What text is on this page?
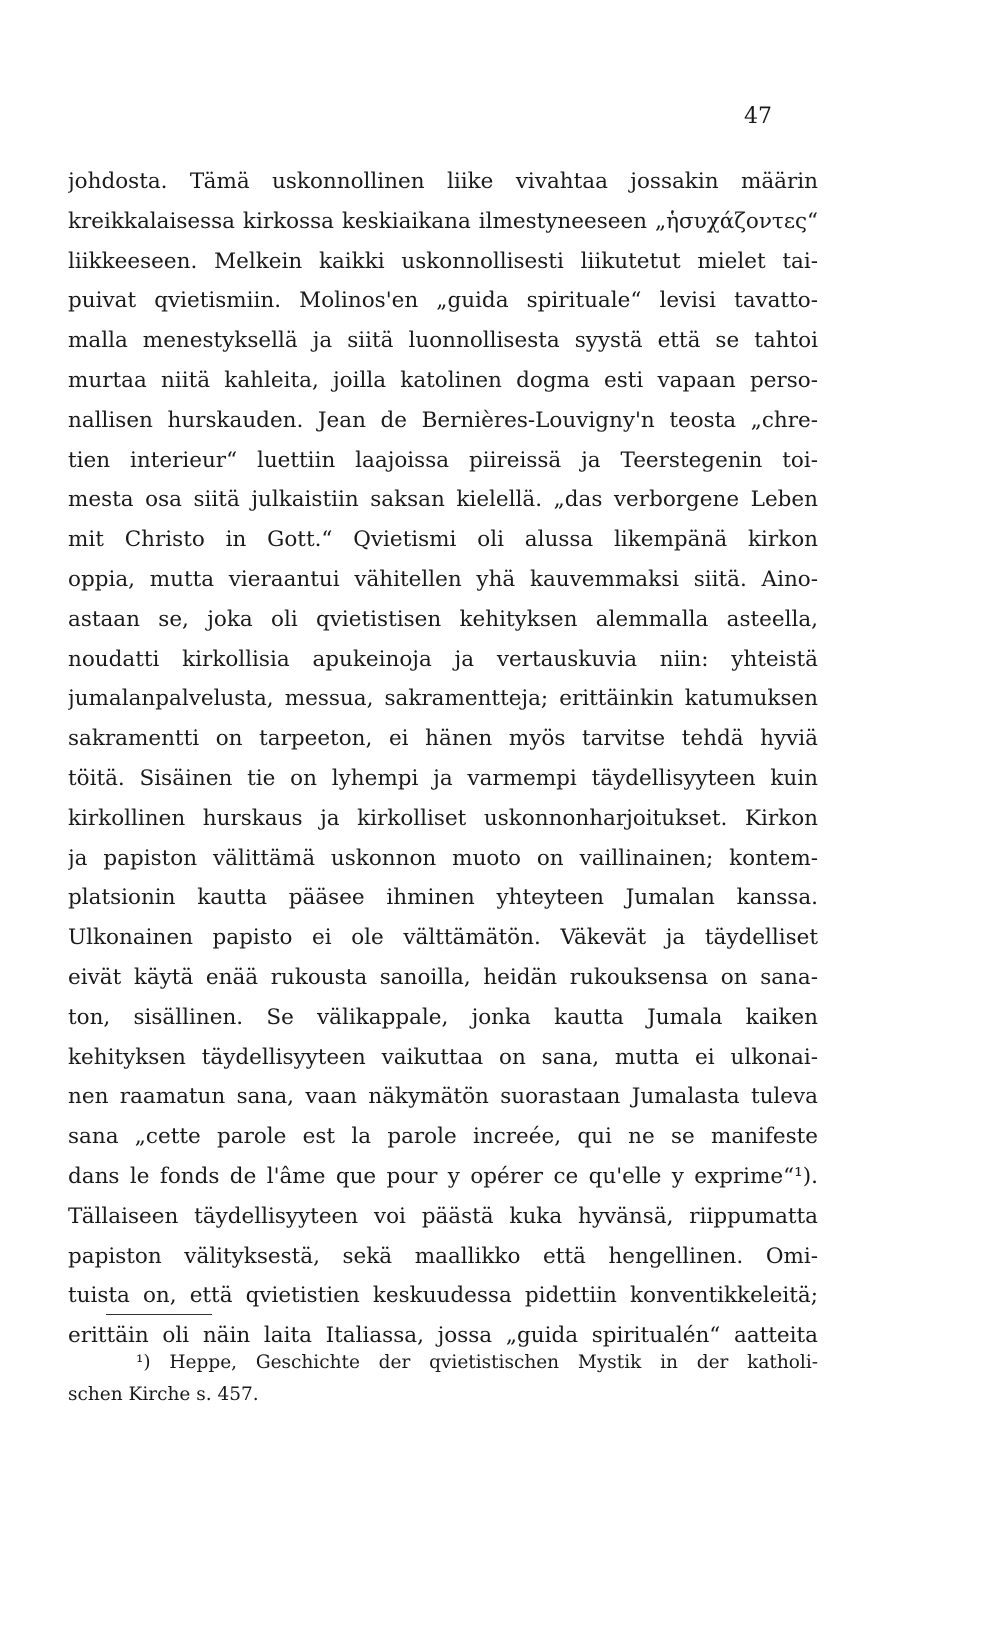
47

johdosta. Tämä uskonnollinen liike vivahtaa jossakin määrin
kreikkalaisessa kirkossa keskiaikana ilmestyneeseen „ἡσυχάζοντες“
liikkeeseen. Melkein kaikki uskonnollisesti liikutetut mielet tai-
puivat qvietismiin. Molinos'en „guida spirituale“ levisi tavatto-
malla menestyksellä ja siitä luonnollisesta syystä että se tahtoi
murtaa niitä kahleita, joilla katolinen dogma esti vapaan perso-
nallisen hurskauden. Jean de Bernières-Louvigny'n teosta „chre-
tien interieur“ luettiin laajoissa piireissä ja Teerstegenin toi-
mesta osa siitä julkaistiin saksan kielellä. „das verborgene Leben
mit Christo in Gott.“ Qvietismi oli alussa likempänä kirkon
oppia, mutta vieraantui vähitellen yhä kauvemmaksi siitä. Aino-
astaan se, joka oli qvietistisen kehityksen alemmalla asteella,
noudatti kirkollisia apukeinoja ja vertauskuvia niin: yhteistä
jumalanpalvelusta, messua, sakramentteja; erittäinkin katumuksen
sakramentti on tarpeeton, ei hänen myös tarvitse tehdä hyviä
töitä. Sisäinen tie on lyhempi ja varmempi täydellisyyteen kuin
kirkollinen hurskaus ja kirkolliset uskonnonharjoitukset. Kirkon
ja papiston välittämä uskonnon muoto on vaillinainen; kontem-
platsionin kautta pääsee ihminen yhteyteen Jumalan kanssa.
Ulkonainen papisto ei ole välttämätön. Väkevät ja täydelliset
eivät käytä enää rukousta sanoilla, heidän rukouksensa on sana-
ton, sisällinen. Se välikappale, jonka kautta Jumala kaiken
kehityksen täydellisyyteen vaikuttaa on sana, mutta ei ulkonai-
nen raamatun sana, vaan näkymätön suorastaan Jumalasta tuleva
sana „cette parole est la parole increée, qui ne se manifeste
dans le fonds de l'âme que pour y opérer ce qu'elle y exprime“¹).
Tällaiseen täydellisyyteen voi päästä kuka hyvänsä, riippumatta
papiston välityksestä, sekä maallikko että hengellinen. Omi-
tuista on, että qvietistien keskuudessa pidettiin konventikkeleitä;
erittäin oli näin laita Italiassa, jossa „guida spiritualén“ aatteita
¹) Heppe, Geschichte der qvietistischen Mystik in der katholi-
schen Kirche s. 457.
